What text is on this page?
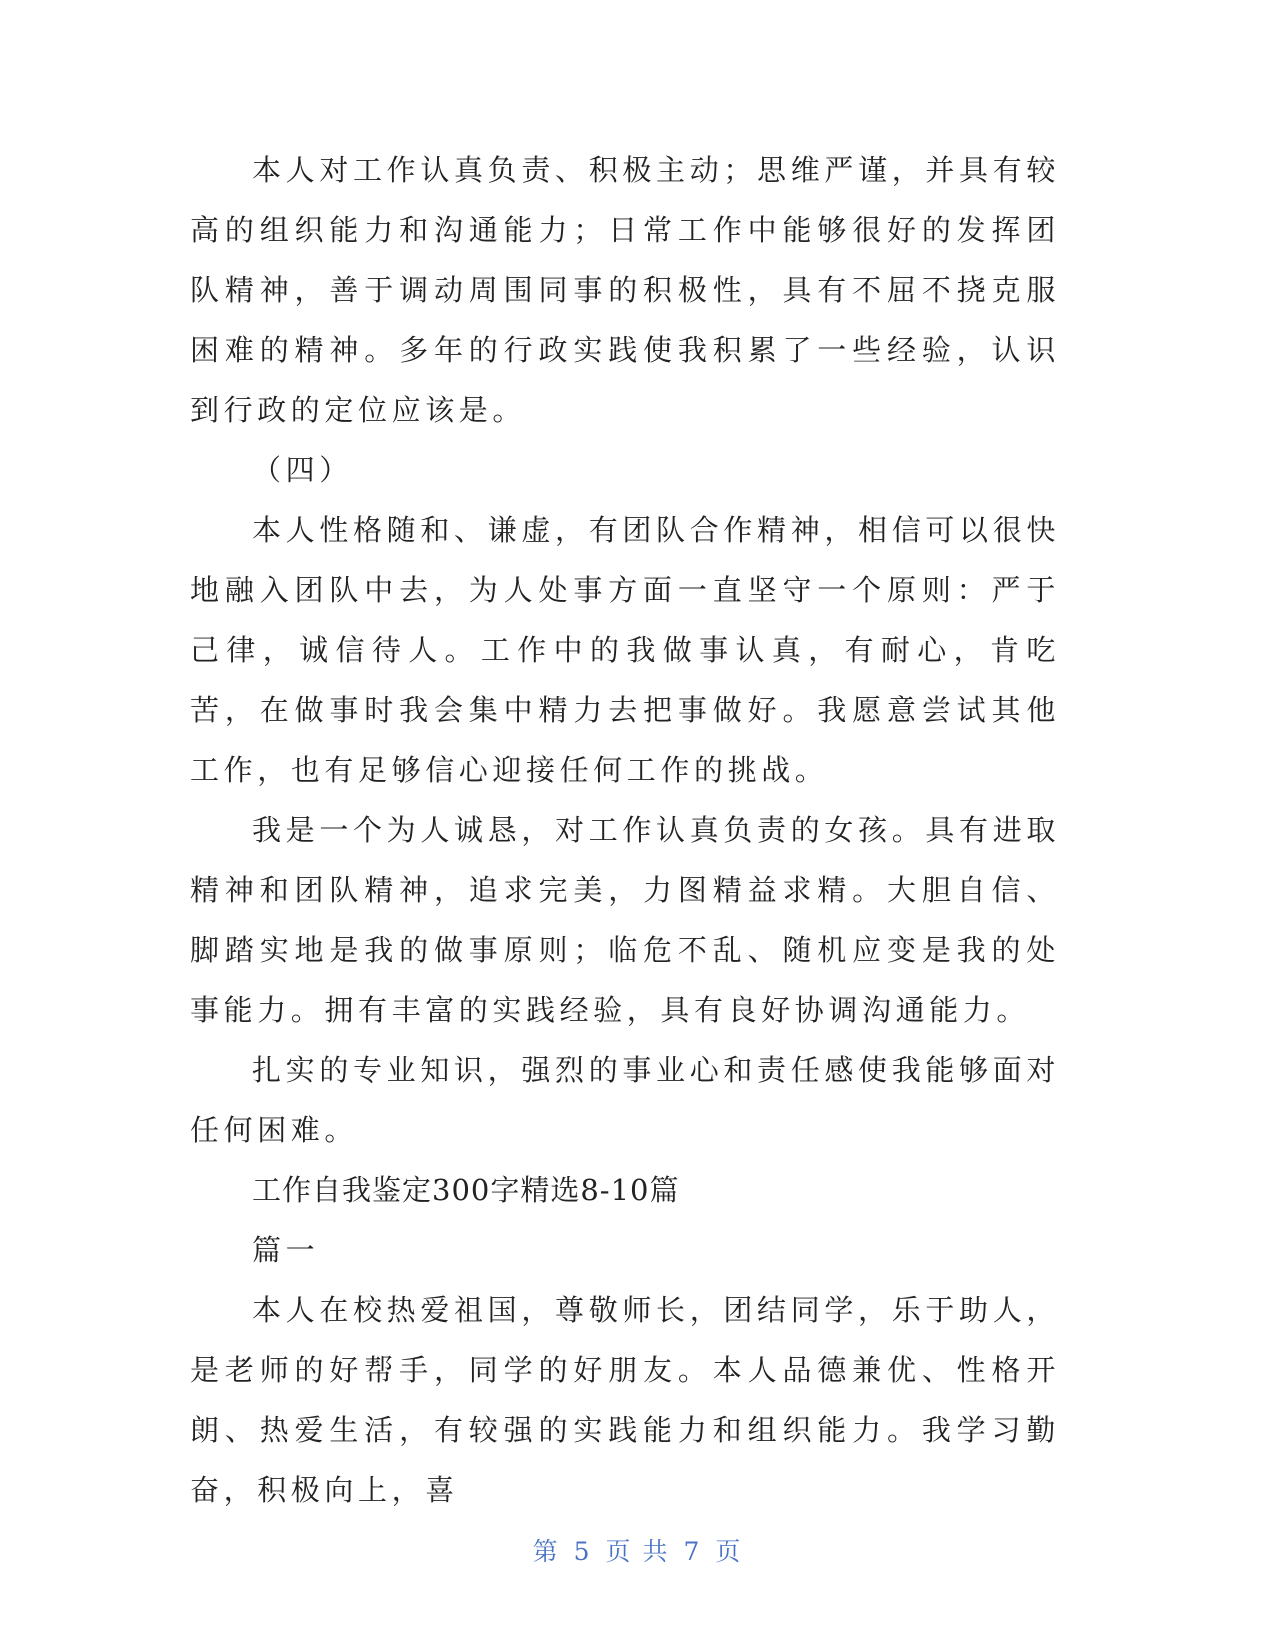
本人对工作认真负责、积极主动；思维严谨，并具有较高的组织能力和沟通能力；日常工作中能够很好的发挥团队精神，善于调动周围同事的积极性，具有不屈不挠克服困难的精神。多年的行政实践使我积累了一些经验，认识到行政的定位应该是。

（四）

本人性格随和、谦虚，有团队合作精神，相信可以很快地融入团队中去，为人处事方面一直坚守一个原则：严于己律，诚信待人。工作中的我做事认真，有耐心，肯吃苦，在做事时我会集中精力去把事做好。我愿意尝试其他工作，也有足够信心迎接任何工作的挑战。

我是一个为人诚恳，对工作认真负责的女孩。具有进取精神和团队精神，追求完美，力图精益求精。大胆自信、脚踏实地是我的做事原则；临危不乱、随机应变是我的处事能力。拥有丰富的实践经验，具有良好协调沟通能力。

扎实的专业知识，强烈的事业心和责任感使我能够面对任何困难。

工作自我鉴定300字精选8-10篇

篇一

本人在校热爱祖国，尊敬师长，团结同学，乐于助人，是老师的好帮手，同学的好朋友。本人品德兼优、性格开朗、热爱生活，有较强的实践能力和组织能力。我学习勤奋，积极向上，喜

第 5 页 共 7 页
